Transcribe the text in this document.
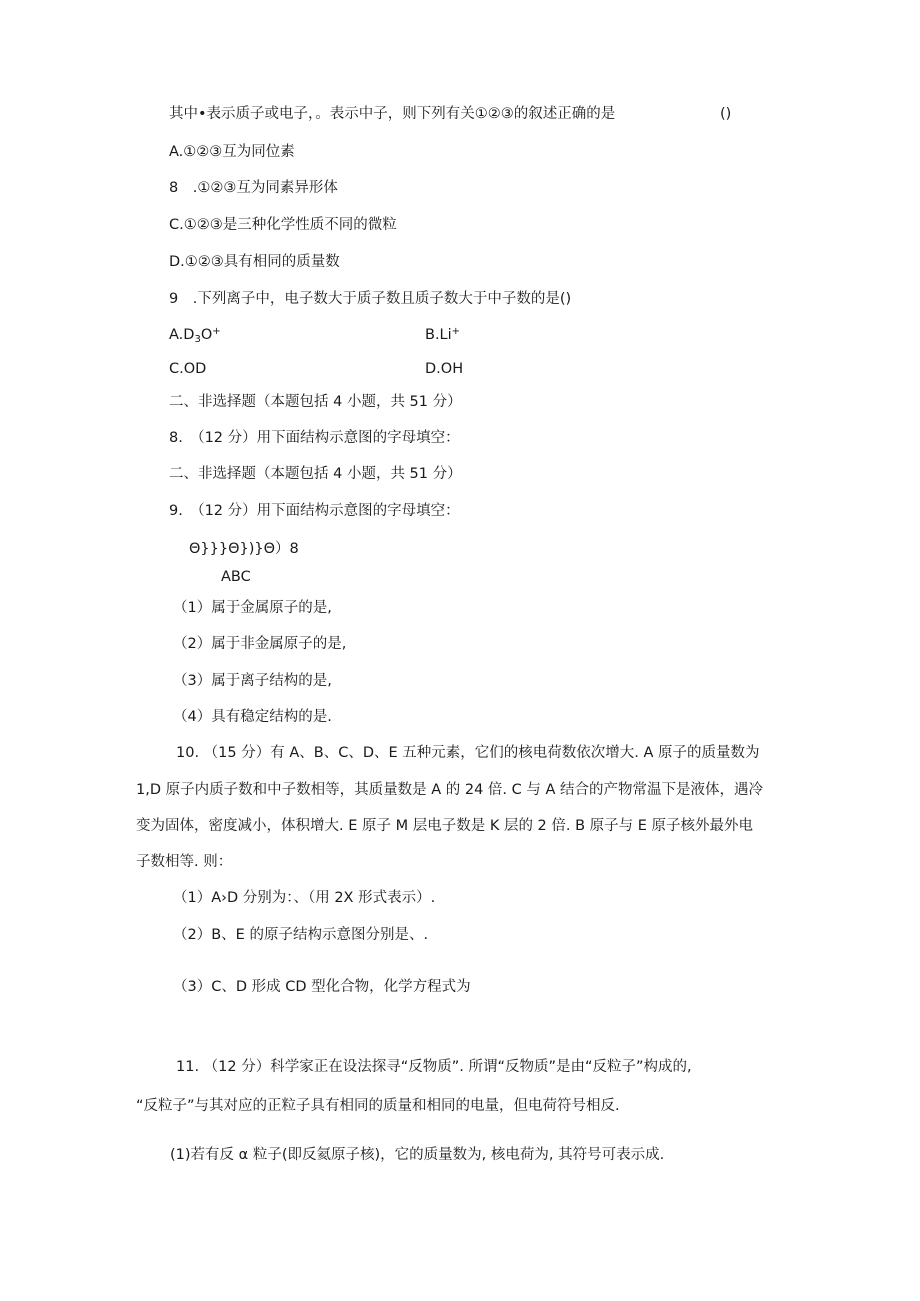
其中•表示质子或电子，。表示中子，则下列有关①②③的叙述正确的是	()
A.①②③互为同位素
8　.①②③互为同素异形体
C.①②③是三种化学性质不同的微粒
D.①②③具有相同的质量数
9　.下列离子中，电子数大于质子数且质子数大于中子数的是()
$A.D_3O^+$	B.Li+
C.OD	D.OH
二、非选择题（本题包括 4 小题，共 51 分）
8.　（12 分）用下面结构示意图的字母填空：
二、非选择题（本题包括 4 小题，共 51 分）
9.　（12 分）用下面结构示意图的字母填空：
Θ}}}Θ})}Θ）8
ABC
（1）属于金属原子的是,
（2）属于非金属原子的是,
（3）属于离子结构的是,
（4）具有稳定结构的是.
10. （15 分）有 A、B、C、D、E 五种元素，它们的核电荷数依次增大. A 原子的质量数为
1,D 原子内质子数和中子数相等，其质量数是 A 的 24 倍. C 与 A 结合的产物常温下是液体，遇冷
变为固体，密度减小，体积增大. E 原子 M 层电子数是 K 层的 2 倍. B 原子与 E 原子核外最外电
子数相等. 则：
（1）A›D 分别为：、（用 2X 形式表示）.
（2）B、E 的原子结构示意图分别是、.
（3）C、D 形成 CD 型化合物，化学方程式为
11. （12 分）科学家正在设法探寻“反物质”. 所谓“反物质”是由“反粒子”构成的,
“反粒子”与其对应的正粒子具有相同的质量和相同的电量，但电荷符号相反.
(1)若有反 α 粒子(即反氦原子核)，它的质量数为, 核电荷为, 其符号可表示成.
